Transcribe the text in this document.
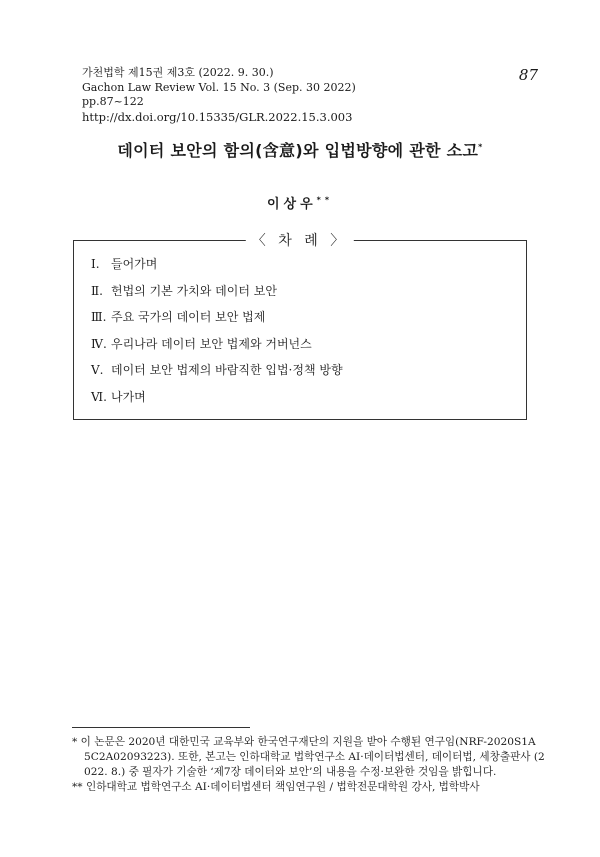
가천법학 제15권 제3호 (2022. 9. 30.)
Gachon Law Review Vol. 15 No. 3 (Sep. 30 2022)
pp.87~122
http://dx.doi.org/10.15335/GLR.2022.15.3.003
87
데이터 보안의 함의(含意)와 입법방향에 관한 소고*
이상우**
〈 차 례 〉
Ⅰ. 들어가며
Ⅱ. 헌법의 기본 가치와 데이터 보안
Ⅲ. 주요 국가의 데이터 보안 법제
Ⅳ. 우리나라 데이터 보안 법제와 거버넌스
Ⅴ. 데이터 보안 법제의 바람직한 입법·정책 방향
Ⅵ. 나가며
* 이 논문은 2020년 대한민국 교육부와 한국연구재단의 지원을 받아 수행된 연구임(NRF-2020S1A
5C2A02093223). 또한, 본고는 인하대학교 법학연구소 AI·데이터법센터, 데이터법, 세창출판사 (2
022. 8.) 중 필자가 기술한 ‘제7장 데이터와 보안’의 내용을 수정·보완한 것임을 밝힙니다.
** 인하대학교 법학연구소 AI·데이터법센터 책임연구원 / 법학전문대학원 강사, 법학박사
